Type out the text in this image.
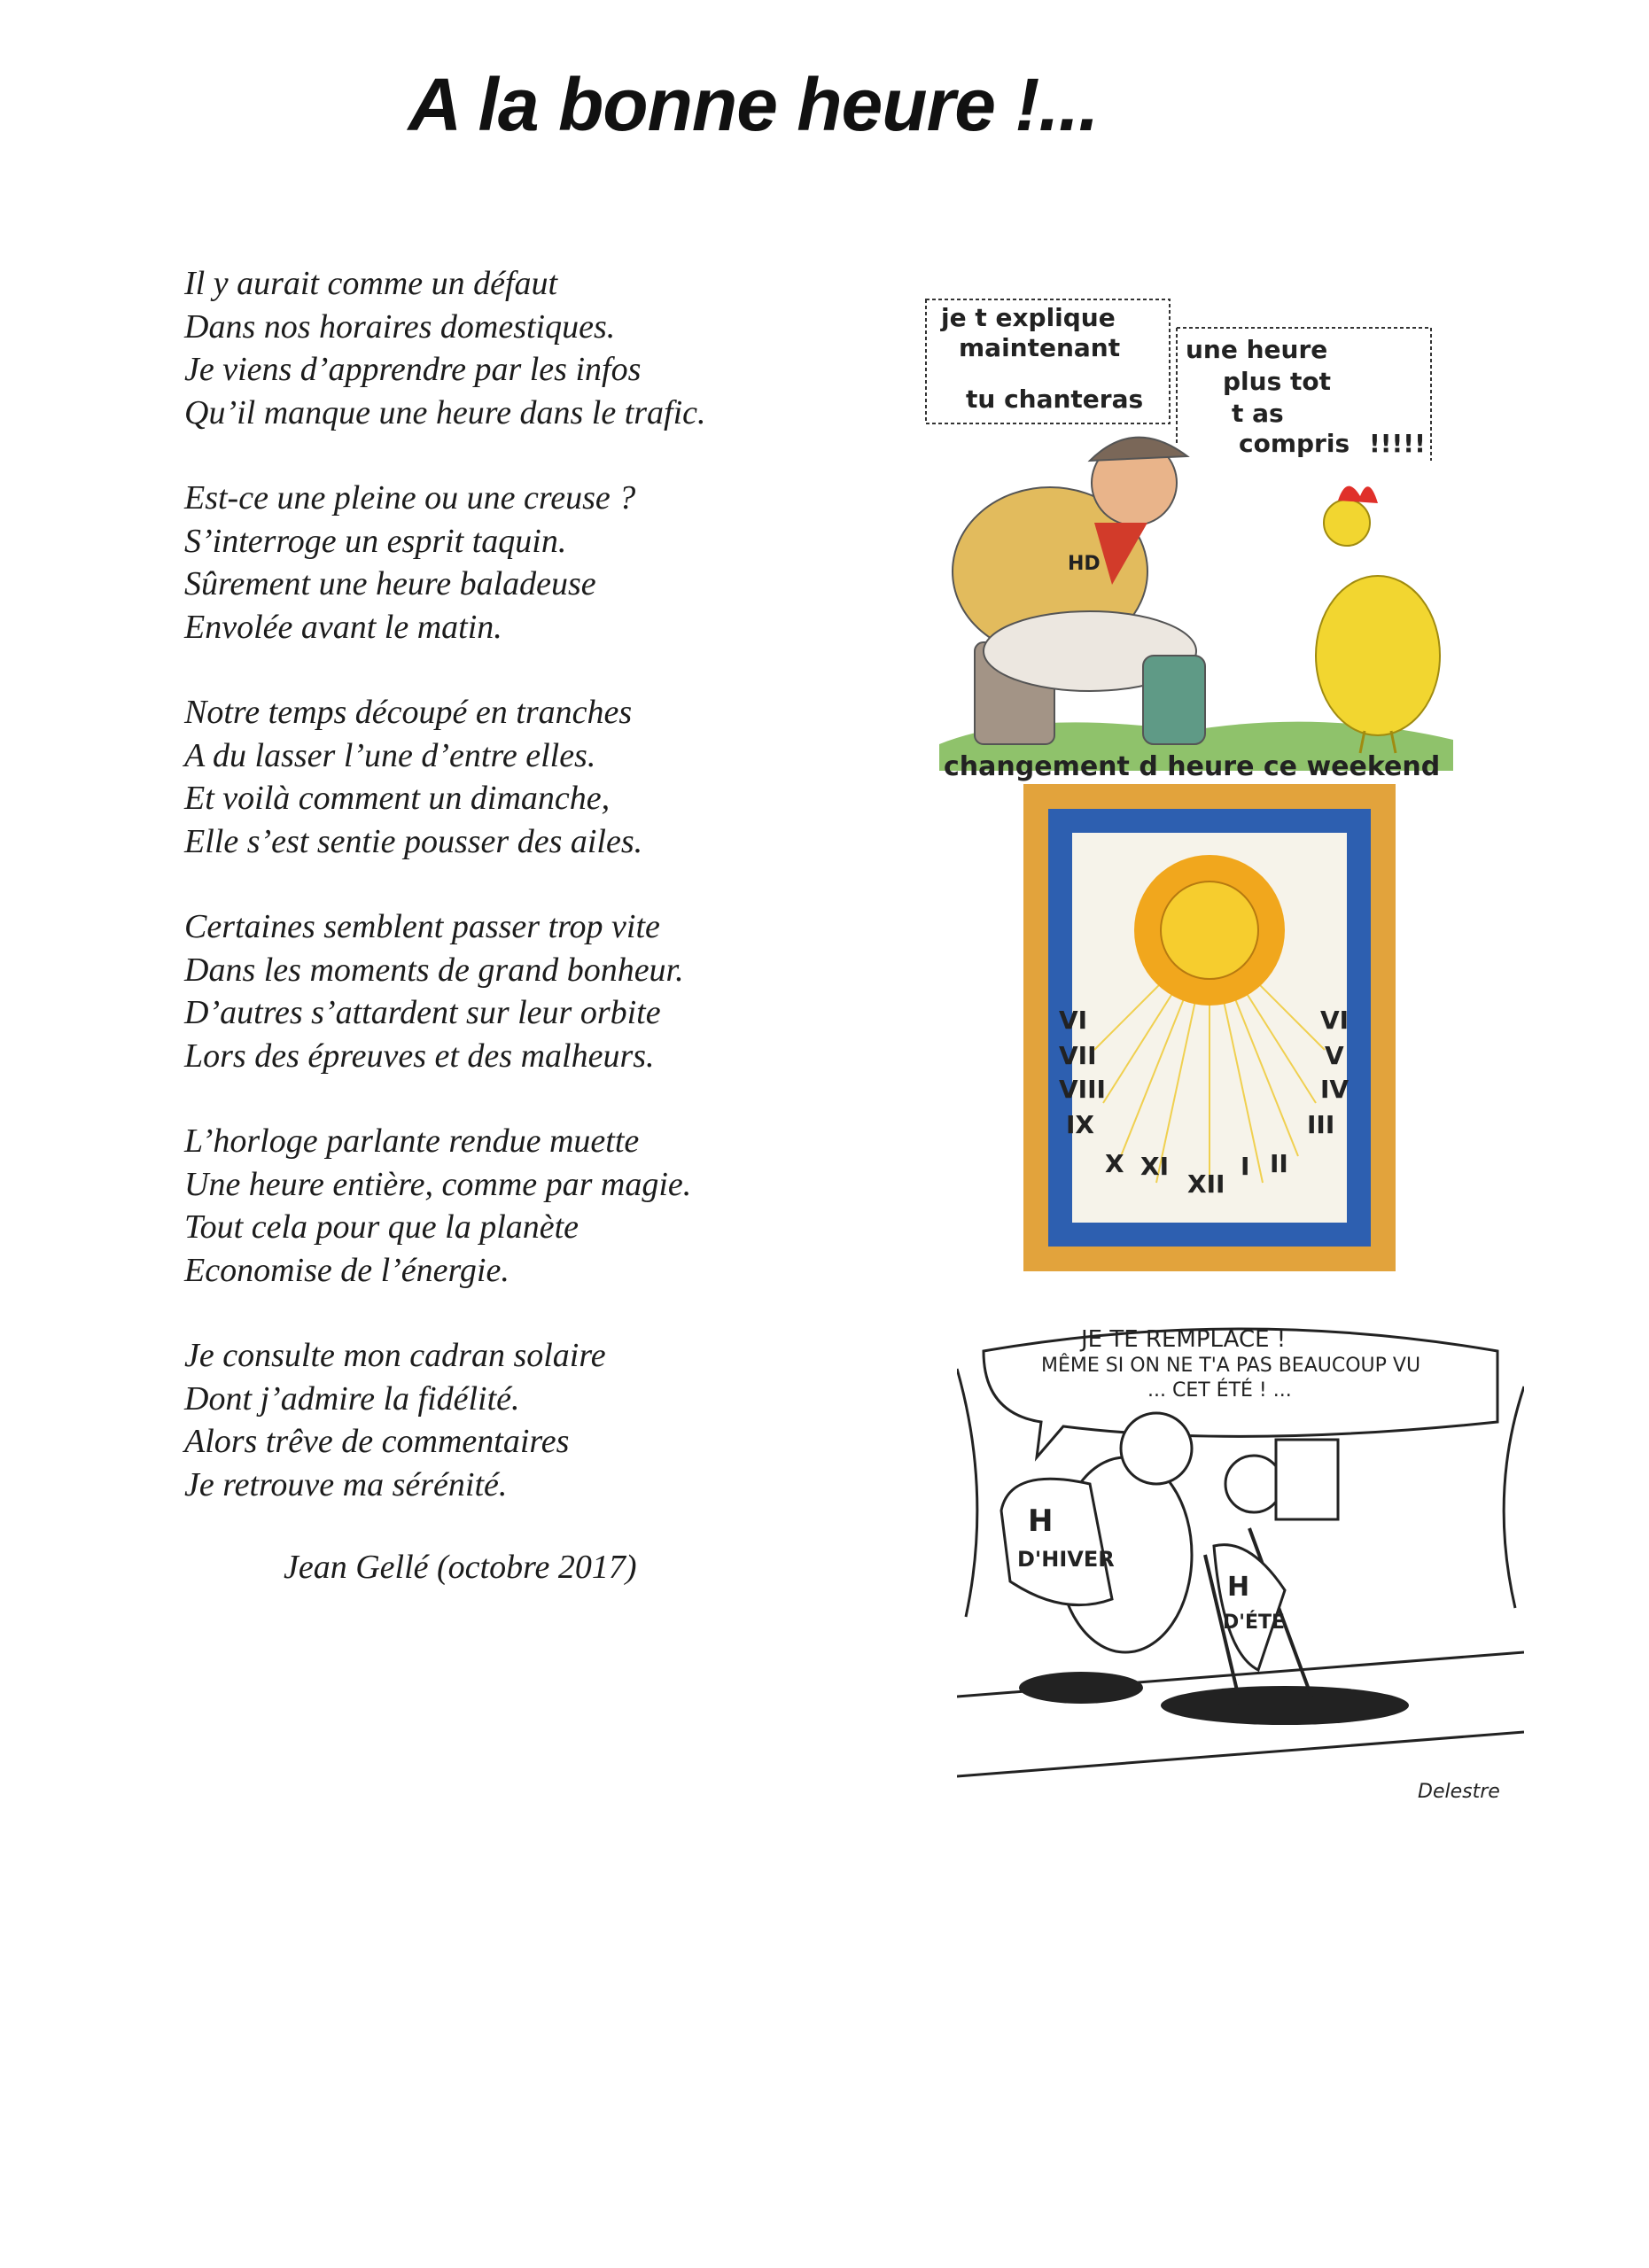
A la bonne heure !...
Il y aurait comme un défaut
Dans nos horaires domestiques.
Je viens d’apprendre par les infos
Qu’il manque une heure dans le trafic.
Est-ce une pleine ou une creuse ?
S’interroge un esprit taquin.
Sûrement une heure baladeuse
Envolée avant le matin.
Notre temps découpé en tranches
A du lasser l’une d’entre elles.
Et voilà comment un dimanche,
Elle s’est sentie pousser des ailes.
Certaines semblent passer trop vite
Dans les moments de grand bonheur.
D’autres s’attardent sur leur orbite
Lors des épreuves et des malheurs.
L’horloge parlante rendue muette
Une heure entière, comme par magie.
Tout cela pour que la planète
Economise de l’énergie.
Je consulte mon cadran solaire
Dont j’admire la fidélité.
Alors trêve de commentaires
Je retrouve ma sérénité.
Jean Gellé (octobre 2017)
je t explique
maintenant
tu chanteras
une heure
plus tot
t as
compris !!!!!
HD
changement d heure ce weekend
VI
VII
VIII
IX
X XI
XII
I II
VI
V
IV
III
JE TE REMPLACE !
MÊME SI ON NE T'A PAS BEAUCOUP VU
... CET ÉTÉ ! ...
H
D'HIVER
H
D'ÉTÉ
Delestre
